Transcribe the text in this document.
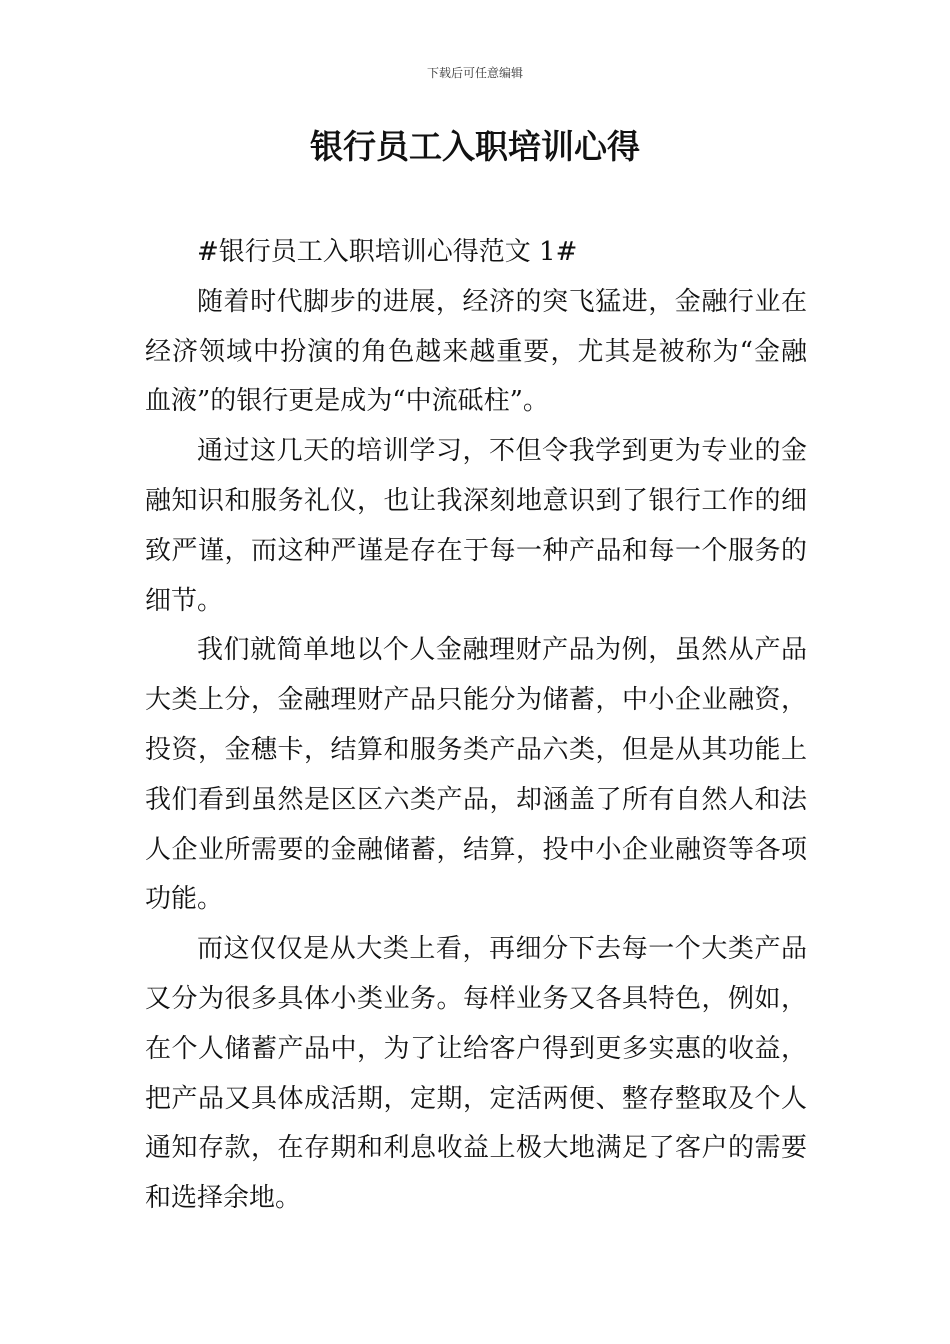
下载后可任意编辑
银行员工入职培训心得

#银行员工入职培训心得范文 1#

随着时代脚步的进展，经济的突飞猛进，金融行业在经济领域中扮演的角色越来越重要，尤其是被称为“金融血液”的银行更是成为“中流砥柱”。

通过这几天的培训学习，不但令我学到更为专业的金融知识和服务礼仪，也让我深刻地意识到了银行工作的细致严谨，而这种严谨是存在于每一种产品和每一个服务的细节。

我们就简单地以个人金融理财产品为例，虽然从产品大类上分，金融理财产品只能分为储蓄，中小企业融资，投资，金穗卡，结算和服务类产品六类，但是从其功能上我们看到虽然是区区六类产品，却涵盖了所有自然人和法人企业所需要的金融储蓄，结算，投中小企业融资等各项功能。

而这仅仅是从大类上看，再细分下去每一个大类产品又分为很多具体小类业务。每样业务又各具特色，例如，在个人储蓄产品中，为了让给客户得到更多实惠的收益，把产品又具体成活期，定期，定活两便、整存整取及个人通知存款，在存期和利息收益上极大地满足了客户的需要和选择余地。
